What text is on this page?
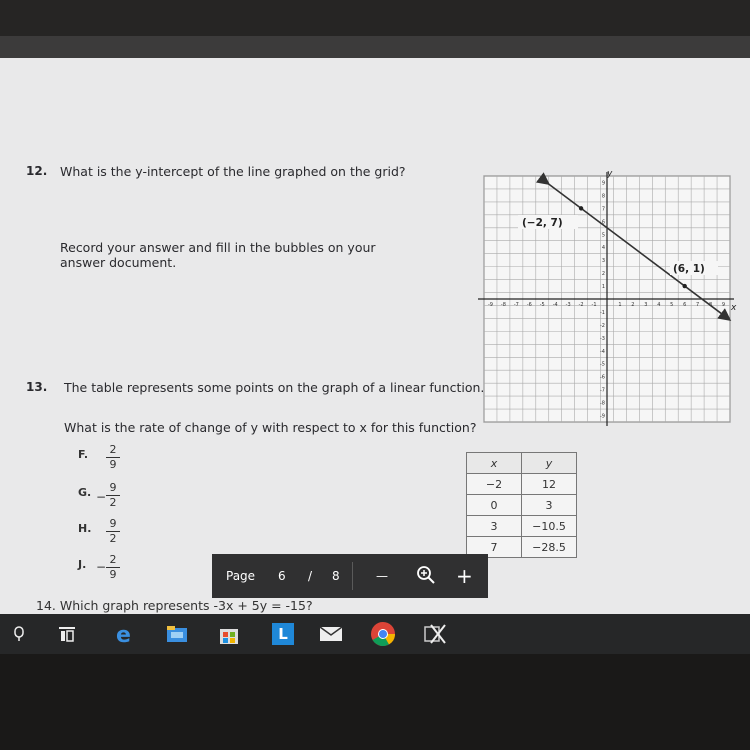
12. What is the y-intercept of the line graphed on the grid?
Record your answer and fill in the bubbles on your
answer document.
-9 -8 -7 -6 -5 -4 -3 -2 -1	1 2 3 4 5 6 7	9
9
8
7
6
5
4
3
2
1
-1
-2
-3
-4
-5
-6
-7
-8
-9
(−2, 7)
(6, 1)
y
x
13. The table represents some points on the graph of a linear function.
What is the rate of change of y with respect to x for this function?
F.	2
9
G. −
9
2
H.	9
2
J. −
2
9
x	y
−2	12
0	3
3	−10.5
7	−28.5
14. Which graph represents -3x + 5y = -15?
Page 6 / 8	—	+
e	L
